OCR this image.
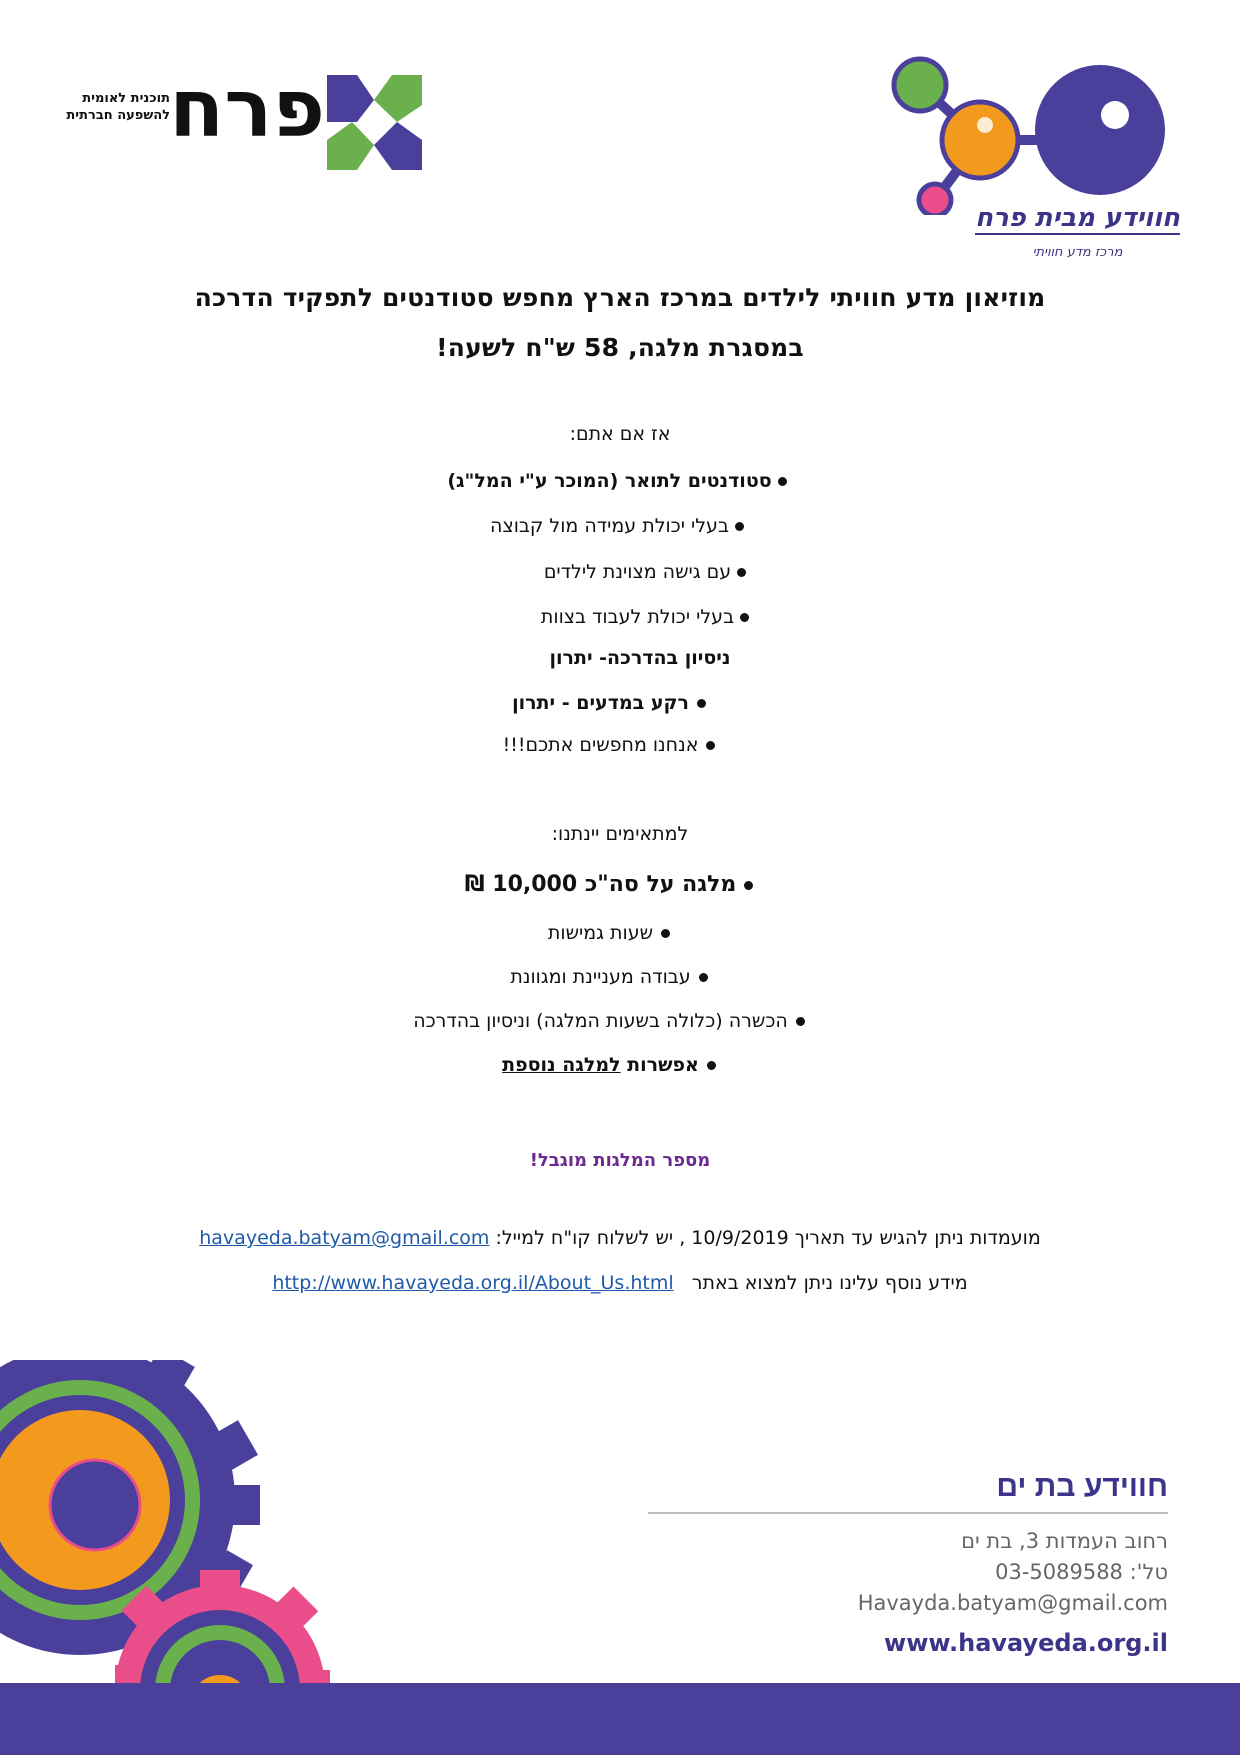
תוכנית לאומית
להשפעה חברתית פרח
חווידע מבית פרח
מרכז מדע חוויתי
מוזיאון מדע חוויתי לילדים במרכז הארץ מחפש סטודנטים לתפקיד הדרכה
במסגרת מלגה, 58 ש"ח לשעה!
אז אם אתם:
סטודנטים לתואר (המוכר ע"י המל"ג)
בעלי יכולת עמידה מול קבוצה
עם גישה מצוינת לילדים
בעלי יכולת לעבוד בצוות
ניסיון בהדרכה- יתרון
רקע במדעים - יתרון
אנחנו מחפשים אתכם!!!
למתאימים יינתנו:
מלגה על סה"כ 10,000 ₪
שעות גמישות
עבודה מעניינת ומגוונת
הכשרה (כלולה בשעות המלגה) וניסיון בהדרכה
אפשרות למלגה נוספת
מספר המלגות מוגבל!
מועמדות ניתן להגיש עד תאריך 10/9/2019 , יש לשלוח קו"ח למייל: havayeda.batyam@gmail.com
מידע נוסף עלינו ניתן למצוא באתר   http://www.havayeda.org.il/About_Us.html
חווידע בת ים
רחוב העמדות 3, בת ים
טל': 03-5089588
Havayda.batyam@gmail.com
www.havayeda.org.il
